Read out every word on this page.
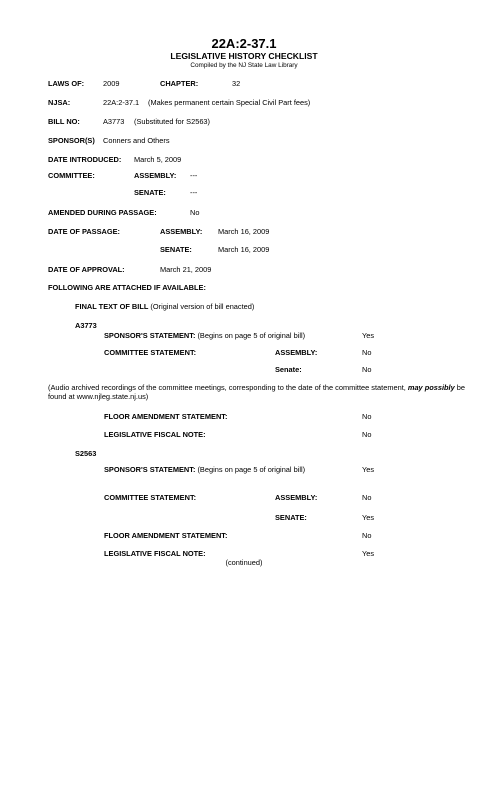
22A:2-37.1
LEGISLATIVE HISTORY CHECKLIST
Compiled by the NJ State Law Library
LAWS OF:	2009	CHAPTER:	32
NJSA:	22A:2-37.1 (Makes permanent certain Special Civil Part fees)
BILL NO:	A3773 (Substituted for S2563)
SPONSOR(S) Conners and Others
DATE INTRODUCED: March 5, 2009
COMMITTEE:	ASSEMBLY: ---
SENATE:	---
AMENDED DURING PASSAGE:	No
DATE OF PASSAGE:	ASSEMBLY: March 16, 2009
SENATE:	March 16, 2009
DATE OF APPROVAL:	March 21, 2009
FOLLOWING ARE ATTACHED IF AVAILABLE:
FINAL TEXT OF BILL (Original version of bill enacted)
A3773
SPONSOR'S STATEMENT: (Begins on page 5 of original bill)	Yes
COMMITTEE STATEMENT:	ASSEMBLY:	No
Senate:	No
(Audio archived recordings of the committee meetings, corresponding to the date of the committee statement, may possibly be found at www.njleg.state.nj.us)
FLOOR AMENDMENT STATEMENT:	No
LEGISLATIVE FISCAL NOTE:	No
S2563
SPONSOR'S STATEMENT: (Begins on page 5 of original bill)	Yes
COMMITTEE STATEMENT:	ASSEMBLY:	No
SENATE:	Yes
FLOOR AMENDMENT STATEMENT:	No
LEGISLATIVE FISCAL NOTE:	Yes
(continued)
